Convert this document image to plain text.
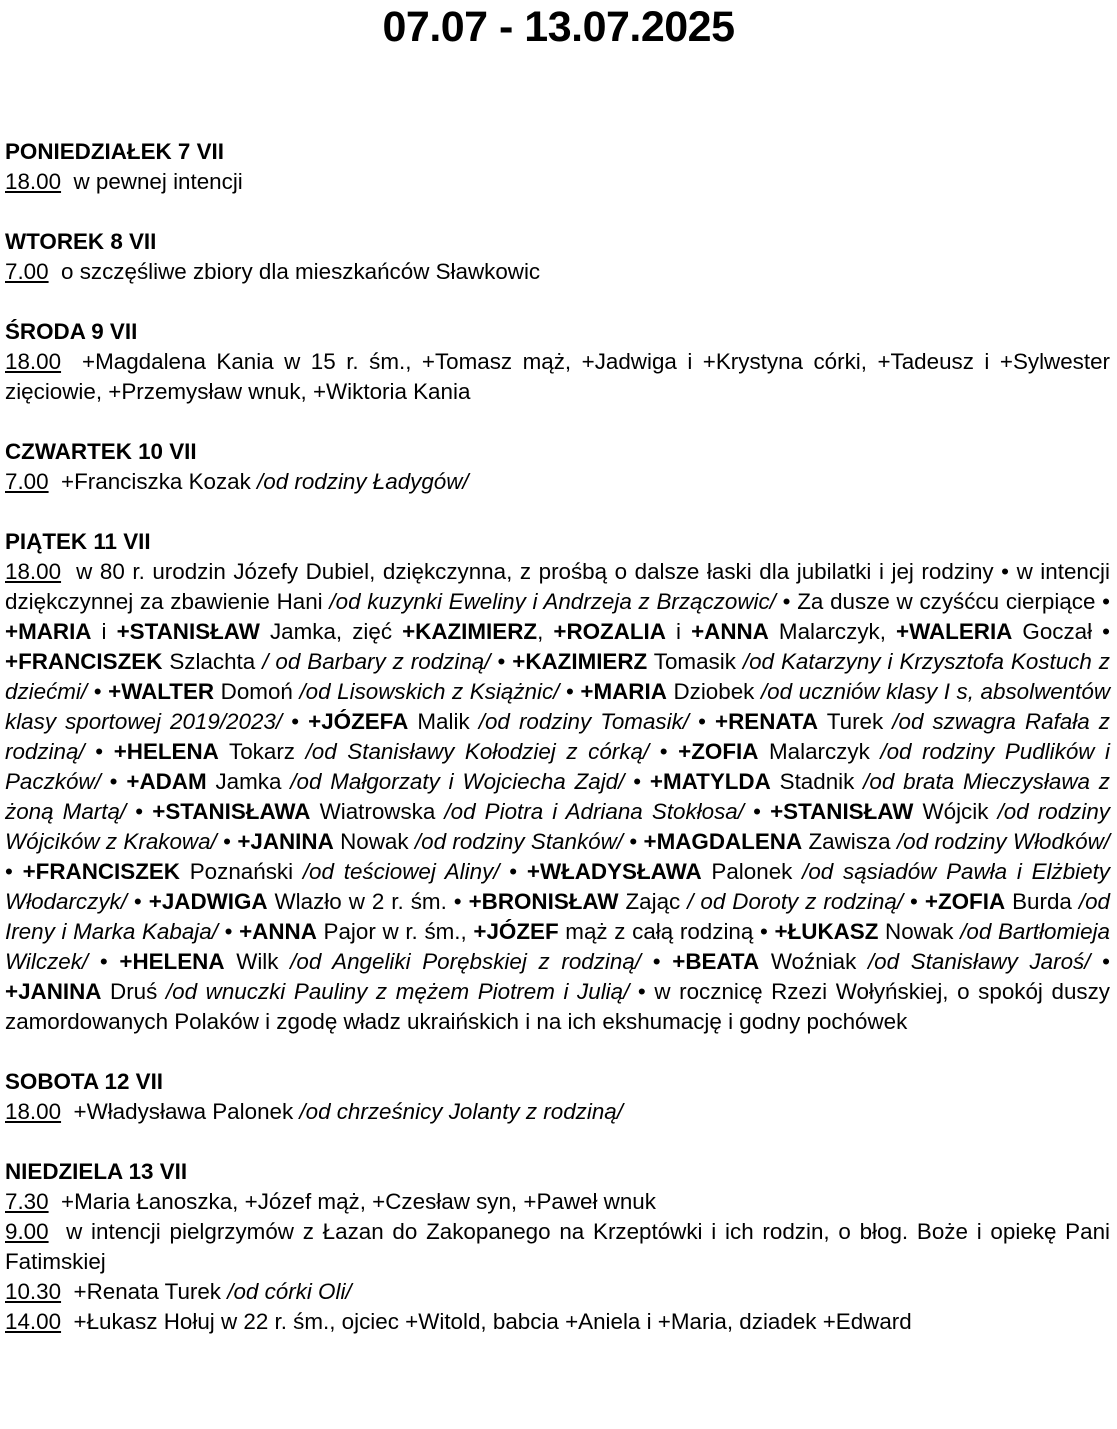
07.07 - 13.07.2025
PONIEDZIAŁEK 7 VII
18.00 w pewnej intencji
WTOREK 8 VII
7.00 o szczęśliwe zbiory dla mieszkańców Sławkowic
ŚRODA 9 VII
18.00 +Magdalena Kania w 15 r. śm., +Tomasz mąż, +Jadwiga i +Krystyna córki, +Tadeusz i +Sylwester zięciowie, +Przemysław wnuk, +Wiktoria Kania
CZWARTEK 10 VII
7.00 +Franciszka Kozak /od rodziny Ładygów/
PIĄTEK 11 VII
18.00  w 80 r. urodzin Józefy Dubiel, dziękczynna, z prośbą o dalsze łaski dla jubilatki i jej rodziny • w intencji dziękczynnej za zbawienie Hani /od kuzynki Eweliny i Andrzeja z Brzączowic/ • Za dusze w czyśćcu cierpiące • +MARIA i +STANISŁAW Jamka, zięć +KAZIMIERZ, +ROZALIA i +ANNA Malarczyk, +WALERIA Goczał • +FRANCISZEK Szlachta / od Barbary z rodziną/ • +KAZIMIERZ Tomasik /od Katarzyny i Krzysztofa Kostuch z dziećmi/ • +WALTER Domoń /od Lisowskich z Książnic/ • +MARIA Dziobek /od uczniów klasy I s, absolwentów klasy sportowej 2019/2023/ • +JÓZEFA Malik /od rodziny Tomasik/ • +RENATA Turek /od szwagra Rafała z rodziną/ • +HELENA Tokarz /od Stanisławy Kołodziej z córką/ • +ZOFIA Malarczyk /od rodziny Pudlików i Paczków/ • +ADAM Jamka /od Małgorzaty i Wojciecha Zajd/ • +MATYLDA Stadnik /od brata Mieczysława z żoną Martą/ • +STANISŁAWA Wiatrowska /od Piotra i Adriana Stokłosa/ • +STANISŁAW Wójcik /od rodziny Wójcików z Krakowa/ • +JANINA Nowak /od rodziny Stanków/ • +MAGDALENA Zawisza /od rodziny Włodków/ • +FRANCISZEK Poznański /od teściowej Aliny/ • +WŁADYSŁAWA Palonek /od sąsiadów Pawła i Elżbiety Włodarczyk/ • +JADWIGA Wlazło w 2 r. śm. • +BRONISŁAW Zając / od Doroty z rodziną/ • +ZOFIA Burda /od Ireny i Marka Kabaja/ • +ANNA Pajor w r. śm., +JÓZEF mąż z całą rodziną • +ŁUKASZ Nowak /od Bartłomieja Wilczek/ • +HELENA Wilk /od Angeliki Porębskiej z rodziną/ • +BEATA Woźniak /od Stanisławy Jaroś/ • +JANINA Druś /od wnuczki Pauliny z mężem Piotrem i Julią/ • w rocznicę Rzezi Wołyńskiej, o spokój duszy zamordowanych Polaków i zgodę władz ukraińskich i na ich ekshumację i godny pochówek
SOBOTA 12 VII
18.00 +Władysława Palonek /od chrześnicy Jolanty z rodziną/
NIEDZIELA 13 VII
7.30 +Maria Łanoszka, +Józef mąż, +Czesław syn, +Paweł wnuk
9.00 w intencji pielgrzymów z Łazan do Zakopanego na Krzeptówki i ich rodzin, o błog. Boże i opiekę Pani Fatimskiej
10.30 +Renata Turek /od córki Oli/
14.00 +Łukasz Hołuj w 22 r. śm., ojciec +Witold, babcia +Aniela i +Maria, dziadek +Edward
